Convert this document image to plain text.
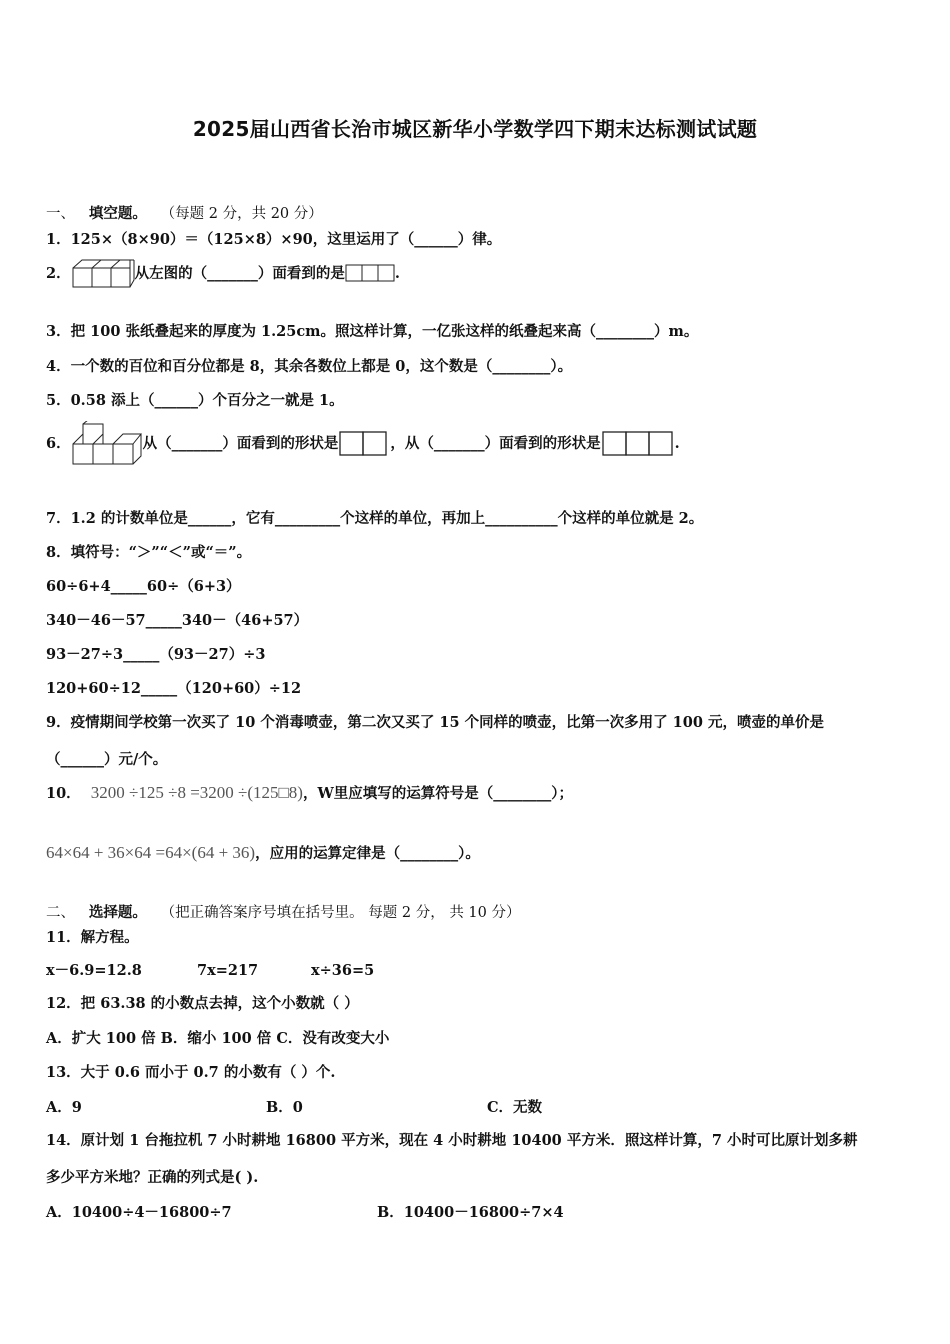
2025届山西省长治市城区新华小学数学四下期末达标测试试题
一、 填空题。 （每题 2 分，共 20 分）
1．125×（8×90）＝（125×8）×90，这里运用了（______）律。
2．	从左图的（_______）面看到的是	.
3．把 100 张纸叠起来的厚度为 1.25cm。照这样计算，一亿张这样的纸叠起来高（________）m。
4．一个数的百位和百分位都是 8，其余各数位上都是 0，这个数是（________）。
5．0.58 添上（______）个百分之一就是 1。
6．	从（_______）面看到的形状是	，从（_______）面看到的形状是	.
7．1.2 的计数单位是______，它有_________个这样的单位，再加上__________个这样的单位就是 2。
8．填符号：“＞”“＜”或“＝”。
60÷6+4_____60÷（6+3）
340－46－57_____340－（46+57）
93－27÷3_____（93－27）÷3
120+60÷12_____（120+60）÷12
9．疫情期间学校第一次买了 10 个消毒喷壶，第二次又买了 15 个同样的喷壶，比第一次多用了 100 元，喷壶的单价是
（______）元/个。
10． 3200 ÷125 ÷8 =3200 ÷(125□8)，W里应填写的运算符号是（________）；
64×64 + 36×64 =64×(64 + 36)，应用的运算定律是（________）。
二、 选择题。 （把正确答案序号填在括号里。 每题 2 分， 共 10 分）
11．解方程。
x－6.9=12.8	7x=217	x÷36=5
12．把 63.38 的小数点去掉，这个小数就（ ）
A．扩大 100 倍 B．缩小 100 倍 C．没有改变大小
13．大于 0.6 而小于 0.7 的小数有（ ）个.
A．9	B．0	C．无数
14．原计划 1 台拖拉机 7 小时耕地 16800 平方米，现在 4 小时耕地 10400 平方米．照这样计算，7 小时可比原计划多耕
多少平方米地？正确的列式是( ).
A．10400÷4－16800÷7	B．10400－16800÷7×4
